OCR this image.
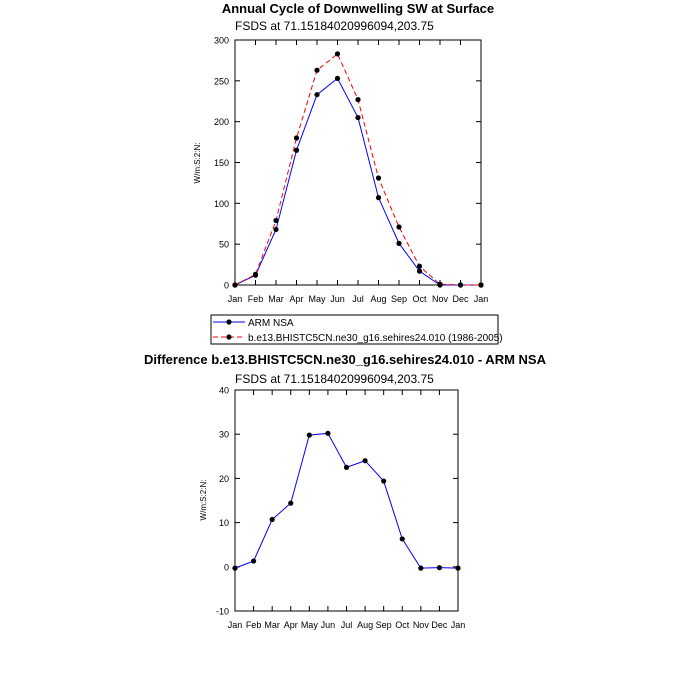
Annual Cycle of Downwelling SW at Surface
FSDS at 71.15184020996094,203.75
W/m:S:2:N:
Jan Feb Mar Apr May Jun Jul Aug Sep Oct Nov Dec Jan
0
50
100
150
200
250
300
ARM NSA
b.e13.BHISTC5CN.ne30_g16.sehires24.010 (1986-2005)
Difference b.e13.BHISTC5CN.ne30_g16.sehires24.010 - ARM NSA
FSDS at 71.15184020996094,203.75
W/m:S:2:N:
Jan Feb Mar Apr May Jun Jul Aug Sep Oct Nov Dec Jan
-10
0
10
20
30
40
